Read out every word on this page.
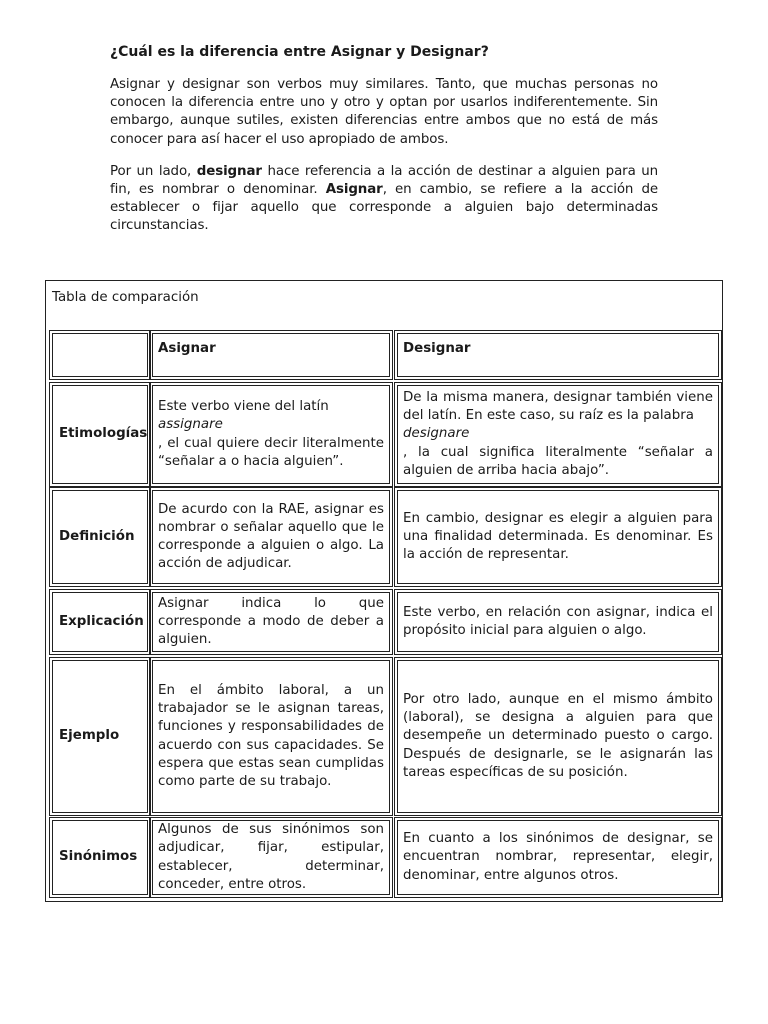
¿Cuál es la diferencia entre Asignar y Designar?

Asignar y designar son verbos muy similares. Tanto, que muchas personas no conocen la diferencia entre uno y otro y optan por usarlos indiferentemente. Sin embargo, aunque sutiles, existen diferencias entre ambos que no está de más conocer para así hacer el uso apropiado de ambos.

Por un lado, designar hace referencia a la acción de destinar a alguien para un fin, es nombrar o denominar. Asignar, en cambio, se refiere a la acción de establecer o fijar aquello que corresponde a alguien bajo determinadas circunstancias.

Tabla de comparación
Asignar	Designar
Etimologías
Este verbo viene del latín
assignare
, el cual quiere decir literalmente “señalar a o hacia alguien”.
De la misma manera, designar también viene del latín. En este caso, su raíz es la palabra
designare
, la cual significa literalmente “señalar a alguien de arriba hacia abajo”.
Definición
De acurdo con la RAE, asignar es nombrar o señalar aquello que le corresponde a alguien o algo. La acción de adjudicar.
En cambio, designar es elegir a alguien para una finalidad determinada. Es denominar. Es la acción de representar.
Explicación
Asignar indica lo que corresponde a modo de deber a alguien.
Este verbo, en relación con asignar, indica el propósito inicial para alguien o algo.
Ejemplo
En el ámbito laboral, a un trabajador se le asignan tareas, funciones y responsabilidades de acuerdo con sus capacidades. Se espera que estas sean cumplidas como parte de su trabajo.
Por otro lado, aunque en el mismo ámbito (laboral), se designa a alguien para que desempeñe un determinado puesto o cargo. Después de designarle, se le asignarán las tareas específicas de su posición.
Sinónimos
Algunos de sus sinónimos son adjudicar, fijar, estipular, establecer, determinar, conceder, entre otros.
En cuanto a los sinónimos de designar, se encuentran nombrar, representar, elegir, denominar, entre algunos otros.
